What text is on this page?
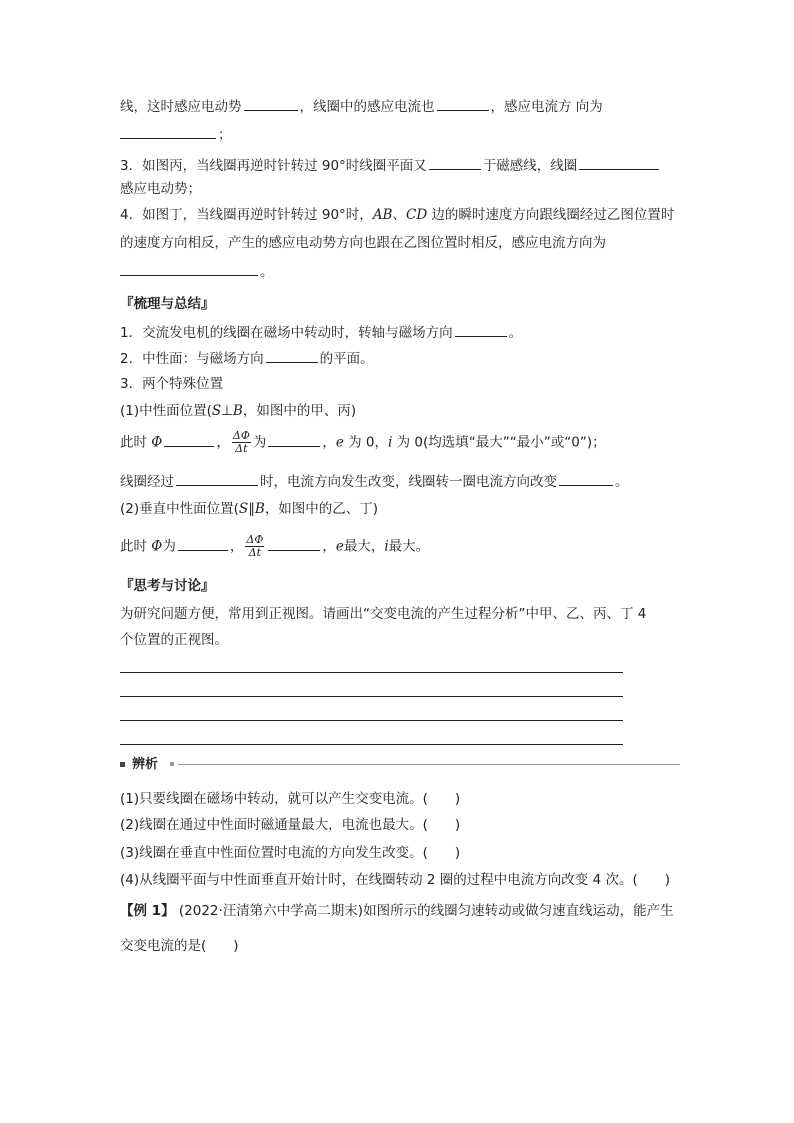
线，这时感应电动势	，线圈中的感应电流也	，感应电流方 向为
；
3．如图丙，当线圈再逆时针转过 90°时线圈平面又	于磁感线，线圈
感应电动势；
4．如图丁，当线圈再逆时针转过 90°时，AB、CD 边的瞬时速度方向跟线圈经过乙图位置时
的速度方向相反，产生的感应电动势方向也跟在乙图位置时相反，感应电流方向为
。
『梳理与总结』
1．交流发电机的线圈在磁场中转动时，转轴与磁场方向	。
2．中性面：与磁场方向	的平面。
3．两个特殊位置
(1)中性面位置(S⊥B，如图中的甲、丙)
此时 Φ	， $\frac{\Delta\Phi}{\Delta t}$ 为	，e 为 0，i 为 0(均选填“最大”“最小”或“0”)；
线圈经过	时，电流方向发生改变，线圈转一圈电流方向改变	。
(2)垂直中性面位置(S∥B，如图中的乙、丁)
此时 Φ为	， $\frac{\Delta\Phi}{\Delta t}$	，e最大，i最大。
『思考与讨论』
为研究问题方便，常用到正视图。请画出“交变电流的产生过程分析”中甲、乙、丙、丁 4
个位置的正视图。
辨析
(1)只要线圈在磁场中转动，就可以产生交变电流。(　　)
(2)线圈在通过中性面时磁通量最大，电流也最大。(　　)
(3)线圈在垂直中性面位置时电流的方向发生改变。(　　)
(4)从线圈平面与中性面垂直开始计时，在线圈转动 2 圈的过程中电流方向改变 4 次。(　　)
【例 1】 (2022·汪清第六中学高二期末)如图所示的线圈匀速转动或做匀速直线运动，能产生
交变电流的是(　　)
